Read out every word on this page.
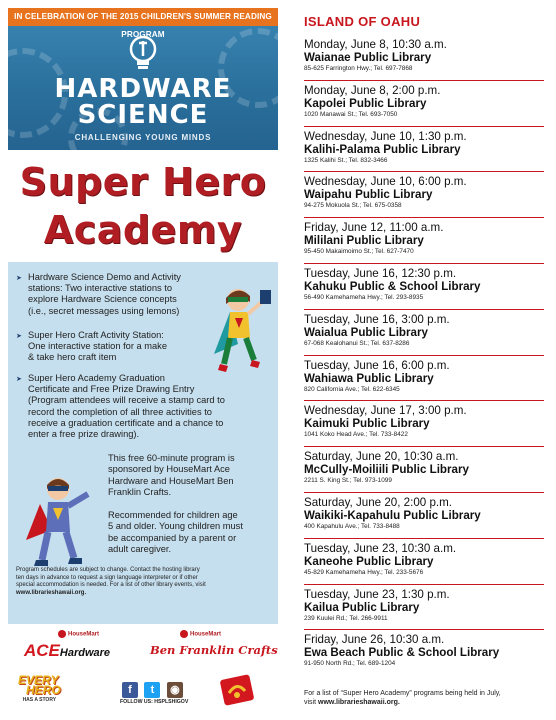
IN CELEBRATION OF THE 2015 CHILDREN'S SUMMER READING PROGRAM
HARDWARE
SCIENCE
CHALLENGING YOUNG MINDS
Super Hero
Academy
➤ Hardware Science Demo and Activity
stations: Two interactive stations to
explore Hardware Science concepts
(i.e., secret messages using lemons)
➤ Super Hero Craft Activity Station:
One interactive station for a make
& take hero craft item
➤ Super Hero Academy Graduation
Certificate and Free Prize Drawing Entry
(Program attendees will receive a stamp card to
record the completion of all three activities to
receive a graduation certificate and a chance to
enter a free prize drawing).
This free 60-minute program is
sponsored by HouseMart Ace
Hardware and HouseMart Ben
Franklin Crafts.
Recommended for children age
5 and older. Young children must
be accompanied by a parent or
adult caregiver.
Program schedules are subject to change. Contact the hosting library
ten days in advance to request a sign language interpreter or if other
special accommodation is needed. For a list of other library events, visit
www.librarieshawaii.org.
HouseMart
ACEHardware
HouseMart
Ben Franklin Crafts
EVERY
HERO
HAS A STORY
f t ◉
FOLLOW US: HSPLSHIGOV
ISLAND OF OAHU
Monday, June 8, 10:30 a.m.
Waianae Public Library
85-625 Farrington Hwy.; Tel. 697-7868
Monday, June 8, 2:00 p.m.
Kapolei Public Library
1020 Manawai St.; Tel. 693-7050
Wednesday, June 10, 1:30 p.m.
Kalihi-Palama Public Library
1325 Kalihi St.; Tel. 832-3466
Wednesday, June 10, 6:00 p.m.
Waipahu Public Library
94-275 Mokuola St.; Tel. 675-0358
Friday, June 12, 11:00 a.m.
Mililani Public Library
95-450 Makaimoimo St.; Tel. 627-7470
Tuesday, June 16, 12:30 p.m.
Kahuku Public & School Library
56-490 Kamehameha Hwy.; Tel. 293-8935
Tuesday, June 16, 3:00 p.m.
Waialua Public Library
67-068 Kealohanui St.; Tel. 637-8286
Tuesday, June 16, 6:00 p.m.
Wahiawa Public Library
820 California Ave.; Tel. 622-6345
Wednesday, June 17, 3:00 p.m.
Kaimuki Public Library
1041 Koko Head Ave.; Tel. 733-8422
Saturday, June 20, 10:30 a.m.
McCully-Moiliili Public Library
2211 S. King St.; Tel. 973-1099
Saturday, June 20, 2:00 p.m.
Waikiki-Kapahulu Public Library
400 Kapahulu Ave.; Tel. 733-8488
Tuesday, June 23, 10:30 a.m.
Kaneohe Public Library
45-829 Kamehameha Hwy.; Tel. 233-5676
Tuesday, June 23, 1:30 p.m.
Kailua Public Library
239 Kuulei Rd.; Tel. 266-9911
Friday, June 26, 10:30 a.m.
Ewa Beach Public & School Library
91-950 North Rd.; Tel. 689-1204
For a list of “Super Hero Academy” programs being held in July,
visit www.librarieshawaii.org.
